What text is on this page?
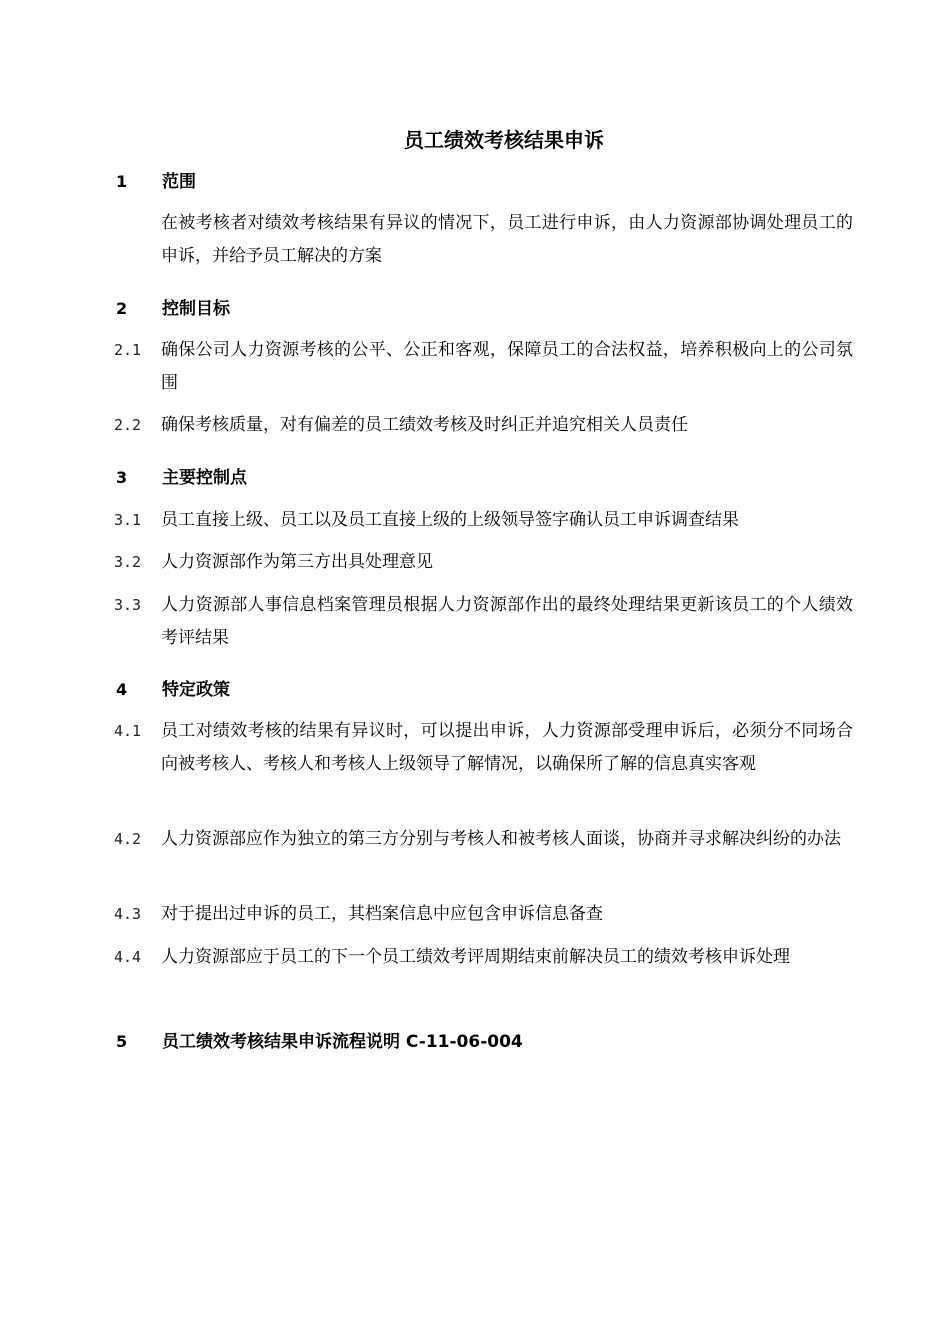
员工绩效考核结果申诉
1 范围
在被考核者对绩效考核结果有异议的情况下，员工进行申诉，由人力资源部协调处理员工的申诉，并给予员工解决的方案
2 控制目标
2.1 确保公司人力资源考核的公平、公正和客观，保障员工的合法权益，培养积极向上的公司氛围
2.2 确保考核质量，对有偏差的员工绩效考核及时纠正并追究相关人员责任
3 主要控制点
3.1 员工直接上级、员工以及员工直接上级的上级领导签字确认员工申诉调查结果
3.2 人力资源部作为第三方出具处理意见
3.3 人力资源部人事信息档案管理员根据人力资源部作出的最终处理结果更新该员工的个人绩效考评结果
4 特定政策
4.1 员工对绩效考核的结果有异议时，可以提出申诉，人力资源部受理申诉后，必须分不同场合向被考核人、考核人和考核人上级领导了解情况，以确保所了解的信息真实客观
4.2 人力资源部应作为独立的第三方分别与考核人和被考核人面谈，协商并寻求解决纠纷的办法
4.3 对于提出过申诉的员工，其档案信息中应包含申诉信息备查
4.4 人力资源部应于员工的下一个员工绩效考评周期结束前解决员工的绩效考核申诉处理
5 员工绩效考核结果申诉流程说明 C-11-06-004
